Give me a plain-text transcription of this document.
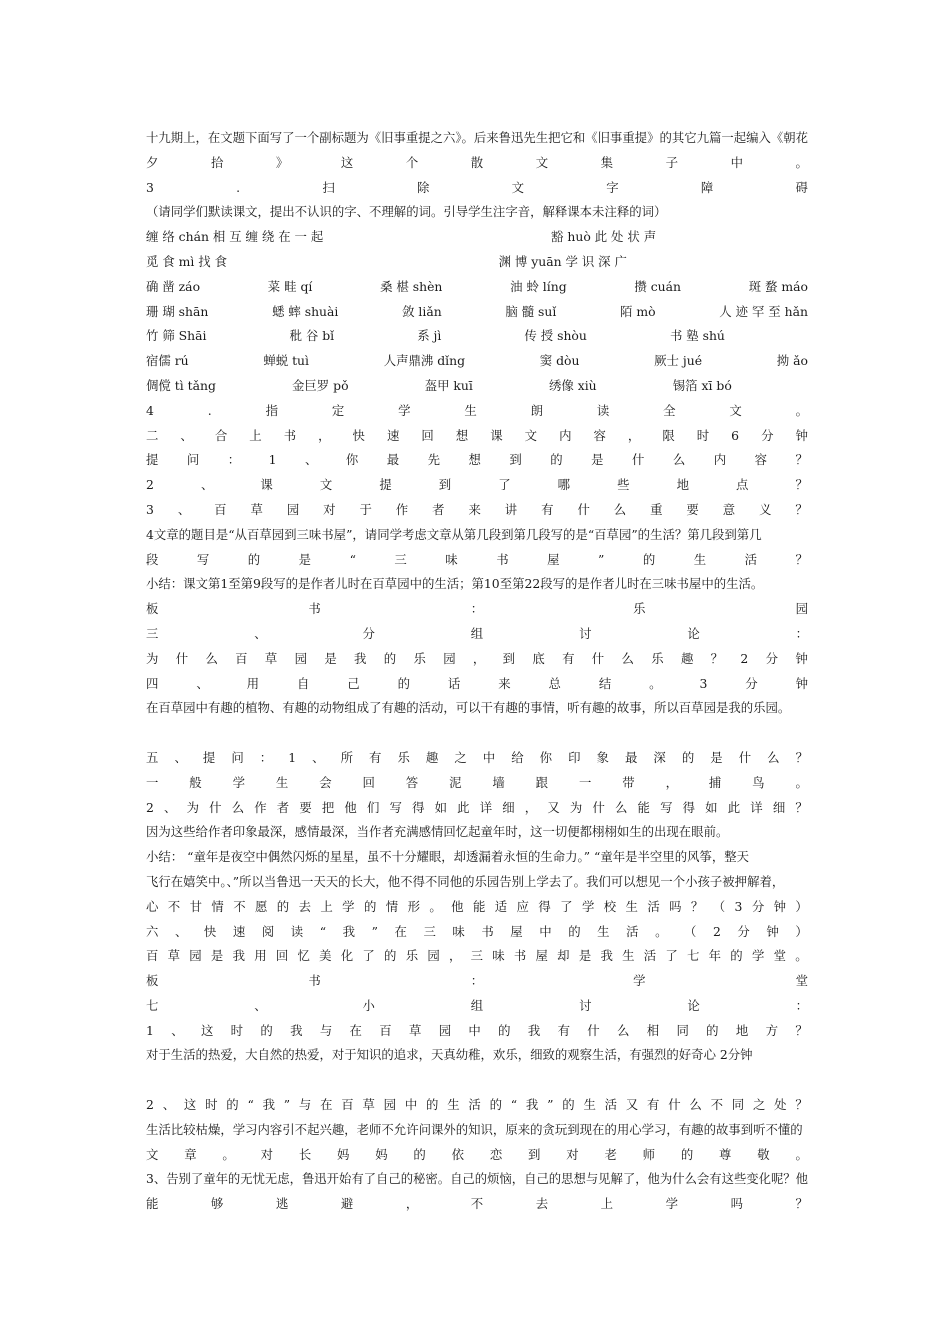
十九期上，在文题下面写了一个副标题为《旧事重提之六》。后来鲁迅先生把它和《旧事重提》的其它九篇一起编入《朝花
夕	拾	》	这	个	散	文	集	子	中	。
3	.	扫	除	文	字	障	碍
（请同学们默读课文，提出不认识的字、不理解的词。引导学生注字音，解释课本未注释的词）
缠 络 chán 相 互 缠 绕 在 一 起	豁 huò 此 处 状 声
觅 食 mì 找 食	渊 博 yuān 学 识 深 广
确 凿 záo	菜 畦 qí	桑 椹 shèn	油 蛉 líng	攒 cuán	斑 蝥 máo
珊 瑚 shān	蟋 蟀 shuài	敛 liǎn	脑 髓 suǐ	陌 mò	人 迹 罕 至 hǎn
竹 筛 Shāi	秕 谷 bǐ	系 jì	传 授 shòu	书 塾 shú
宿儒 rú	蝉蜕 tuì	人声鼎沸 dǐng	窦 dòu	厥士 jué	拗 ǎo
倜傥 tì tǎng	金巨罗 pǒ	盔甲 kuī	绣像 xiù	锡箔 xī bó
4	.	指	定	学	生	朗	读	全	文	。
二 、 合 上 书 ， 快 速 回 想 课 文 内 容 ， 限 时 6 分 钟
提 问 ： 1 、 你 最 先 想 到 的 是 什 么 内 容 ？
2	、	课	文	提	到	了	哪	些	地	点	？
3 、 百 草 园 对 于 作 者 来 讲 有 什 么 重 要 意 义 ？
4文章的题目是“从百草园到三味书屋”，请同学考虑文章从第几段到第几段写的是“百草园”的生活？第几段到第几
段	写	的	是	“	三	味	书	屋	”	的	生	活	？
小结：课文第1至第9段写的是作者儿时在百草园中的生活；第10至第22段写的是作者儿时在三味书屋中的生活。
板	书	：	乐	园
三	、	分	组	讨	论	：
为 什 么 百 草 园 是 我 的 乐 园 ， 到 底 有 什 么 乐 趣 ？ 2 分 钟
四	、	用	自	己	的	话	来	总	结	。	3	分	钟
在百草园中有趣的植物、有趣的动物组成了有趣的活动，可以干有趣的事情，听有趣的故事，所以百草园是我的乐园。
五 、 提 问 ： 1 、 所 有 乐 趣 之 中 给 你 印 象 最 深 的 是 什 么 ？
一 般 学 生 会 回 答 泥 墙 跟 一 带 ， 捕 鸟 。
2 、 为 什 么 作 者 要 把 他 们 写 得 如 此 详 细 ， 又 为 什 么 能 写 得 如 此 详 细 ？
因为这些给作者印象最深，感情最深，当作者充满感情回忆起童年时，这一切便都栩栩如生的出现在眼前。
小结： “童年是夜空中偶然闪烁的星星，虽不十分耀眼，却透漏着永恒的生命力。” “童年是半空里的风筝，整天
飞行在嬉笑中。、”所以当鲁迅一天天的长大，他不得不同他的乐园告别上学去了。我们可以想见一个小孩子被押解着，
心 不 甘 情 不 愿 的 去 上 学 的 情 形 。 他 能 适 应 得 了 学 校 生 活 吗 ？ （ 3 分 钟 ）
六 、 快 速 阅 读 “ 我 ” 在 三 味 书 屋 中 的 生 活 。 （ 2 分 钟 ）
百 草 园 是 我 用 回 忆 美 化 了 的 乐 园 ， 三 味 书 屋 却 是 我 生 活 了 七 年 的 学 堂 。
板	书	：	学	堂
七	、	小	组	讨	论	：
1 、 这 时 的 我 与 在 百 草 园 中 的 我 有 什 么 相 同 的 地 方 ？
对于生活的热爱，大自然的热爱，对于知识的追求，天真幼稚，欢乐，细致的观察生活，有强烈的好奇心 2分钟
2 、 这 时 的 “ 我 ” 与 在 百 草 园 中 的 生 活 的 “ 我 ” 的 生 活 又 有 什 么 不 同 之 处 ？
生活比较枯燥，学习内容引不起兴趣，老师不允许问课外的知识，原来的贪玩到现在的用心学习，有趣的故事到听不懂的
文 章 。 对 长 妈 妈 的 依 恋 到 对 老 师 的 尊 敬 。
3、告别了童年的无忧无虑，鲁迅开始有了自己的秘密。自己的烦恼，自己的思想与见解了，他为什么会有这些变化呢？他
能	够	逃	避	，	不	去	上	学	吗	？
